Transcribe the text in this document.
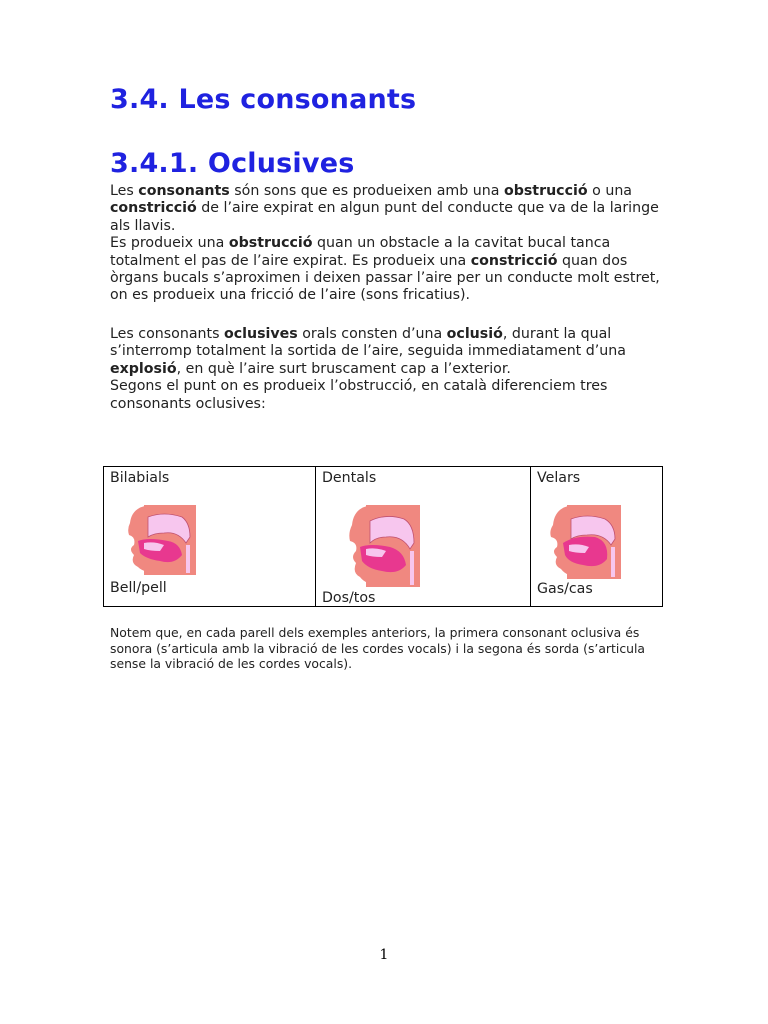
3.4. Les consonants
3.4.1. Oclusives

Les consonants són sons que es produeixen amb una obstrucció o una constricció de l’aire expirat en algun punt del conducte que va de la laringe als llavis.
Es produeix una obstrucció quan un obstacle a la cavitat bucal tanca totalment el pas de l’aire expirat. Es produeix una constricció quan dos òrgans bucals s’aproximen i deixen passar l’aire per un conducte molt estret, on es produeix una fricció de l’aire (sons fricatius).

Les consonants oclusives orals consten d’una oclusió, durant la qual s’interromp totalment la sortida de l’aire, seguida immediatament d’una explosió, en què l’aire surt bruscament cap a l’exterior.
Segons el punt on es produeix l’obstrucció, en català diferenciem tres consonants oclusives:

Bilabials
Bell/pell

Dentals
Dos/tos

Velars
Gas/cas

Notem que, en cada parell dels exemples anteriors, la primera consonant oclusiva és sonora (s’articula amb la vibració de les cordes vocals) i la segona és sorda (s’articula sense la vibració de les cordes vocals).

1
